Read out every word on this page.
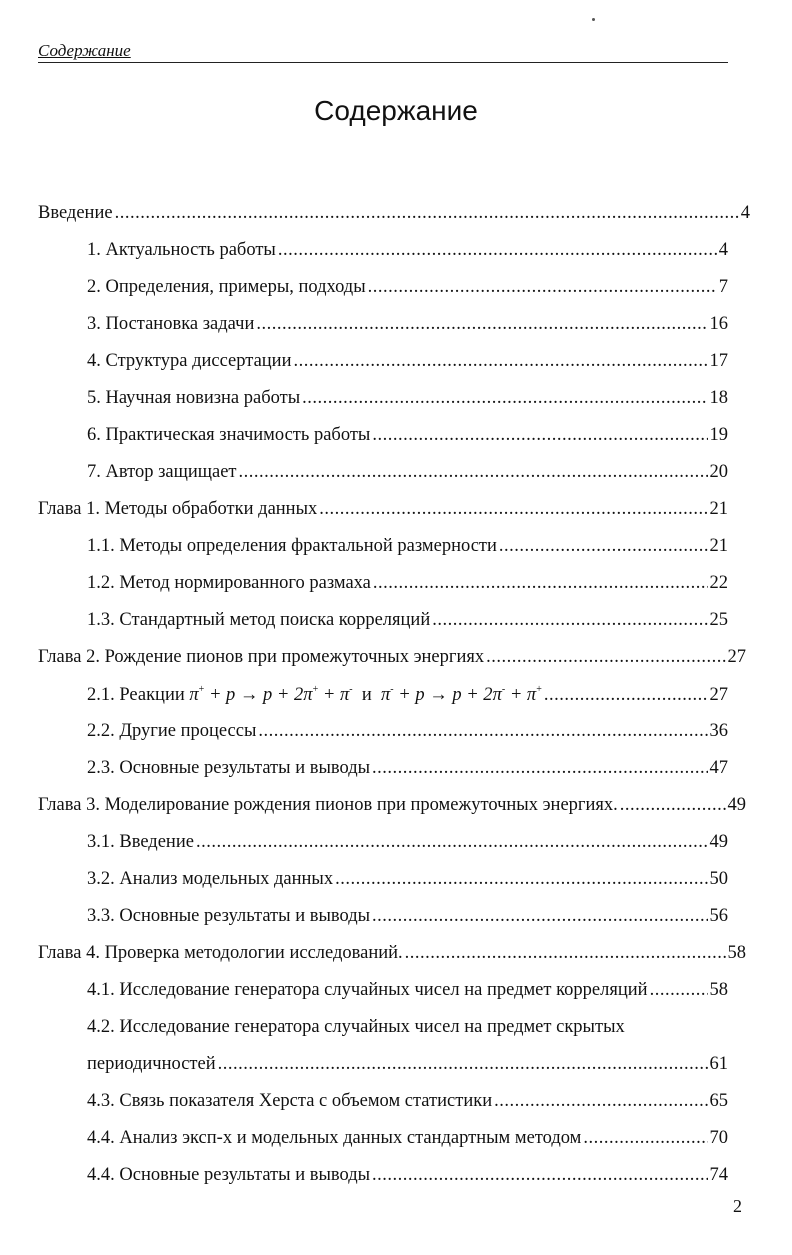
Содержание
Содержание
Введение .....	4
1. Актуальность работы .....	4
2. Определения, примеры, подходы .....	7
3. Постановка задачи .....	16
4. Структура диссертации .....	17
5. Научная новизна работы .....	18
6. Практическая значимость работы .....	19
7. Автор защищает .....	20
Глава 1. Методы обработки данных .....	21
1.1. Методы определения фрактальной размерности .....	21
1.2. Метод нормированного размаха .....	22
1.3. Стандартный метод поиска корреляций .....	25
Глава 2. Рождение пионов при промежуточных энергиях .....	27
2.1. Реакции π+ + p → p + 2π+ + π- и π- + p → p + 2π- + π+ .....	27
2.2. Другие процессы .....	36
2.3. Основные результаты и выводы .....	47
Глава 3. Моделирование рождения пионов при промежуточных энергиях. .....	49
3.1. Введение .....	49
3.2. Анализ модельных данных .....	50
3.3. Основные результаты и выводы .....	56
Глава 4. Проверка методологии исследований. .....	58
4.1. Исследование генератора случайных чисел на предмет корреляций .....	58
4.2. Исследование генератора случайных чисел на предмет скрытых
периодичностей .....	61
4.3. Связь показателя Херста с объемом статистики .....	65
4.4. Анализ эксп-х и модельных данных стандартным методом .....	70
4.4. Основные результаты и выводы .....	74
2
